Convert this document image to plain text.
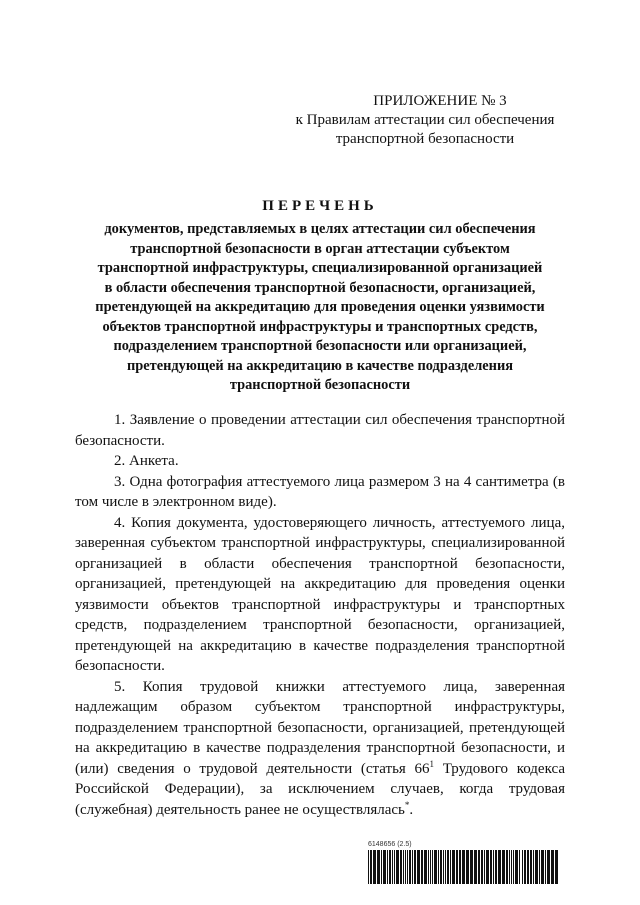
ПРИЛОЖЕНИЕ № 3
к Правилам аттестации сил обеспечения
транспортной безопасности
ПЕРЕЧЕНЬ
документов, представляемых в целях аттестации сил обеспечения
транспортной безопасности в орган аттестации субъектом
транспортной инфраструктуры, специализированной организацией
в области обеспечения транспортной безопасности, организацией,
претендующей на аккредитацию для проведения оценки уязвимости
объектов транспортной инфраструктуры и транспортных средств,
подразделением транспортной безопасности или организацией,
претендующей на аккредитацию в качестве подразделения
транспортной безопасности

1. Заявление о проведении аттестации сил обеспечения транспортной безопасности.

2. Анкета.

3. Одна фотография аттестуемого лица размером 3 на 4 сантиметра (в том числе в электронном виде).

4. Копия документа, удостоверяющего личность, аттестуемого лица, заверенная субъектом транспортной инфраструктуры, специализированной организацией в области обеспечения транспортной безопасности, организацией, претендующей на аккредитацию для проведения оценки уязвимости объектов транспортной инфраструктуры и транспортных средств, подразделением транспортной безопасности, организацией, претендующей на аккредитацию в качестве подразделения транспортной безопасности.

5. Копия трудовой книжки аттестуемого лица, заверенная надлежащим образом субъектом транспортной инфраструктуры, подразделением транспортной безопасности, организацией, претендующей на аккредитацию в качестве подразделения транспортной безопасности, и (или) сведения о трудовой деятельности (статья $66^1$ Трудового кодекса Российской Федерации), за исключением случаев, когда трудовая (служебная) деятельность ранее не осуществлялась*.

6148656 (2.5)
